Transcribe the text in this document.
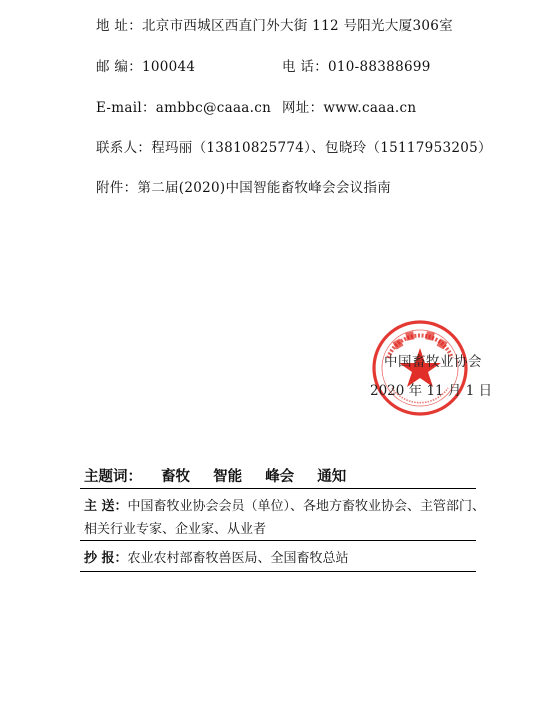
地 址：北京市西城区西直门外大街 112 号阳光大厦306室
邮 编：100044	电 话：010-88388699
E-mail：ambbc@caaa.cn 网址：www.caaa.cn
联系人：程玛丽（13810825774）、包晓玲（15117953205）
附件：第二届(2020)中国智能畜牧峰会会议指南
中国畜牧业协会
2020 年 11 月 1 日
主题词： 畜牧 智能 峰会 通知
主 送：中国畜牧业协会会员（单位）、各地方畜牧业协会、主管部门、
相关行业专家、企业家、从业者
抄 报：农业农村部畜牧兽医局、全国畜牧总站
